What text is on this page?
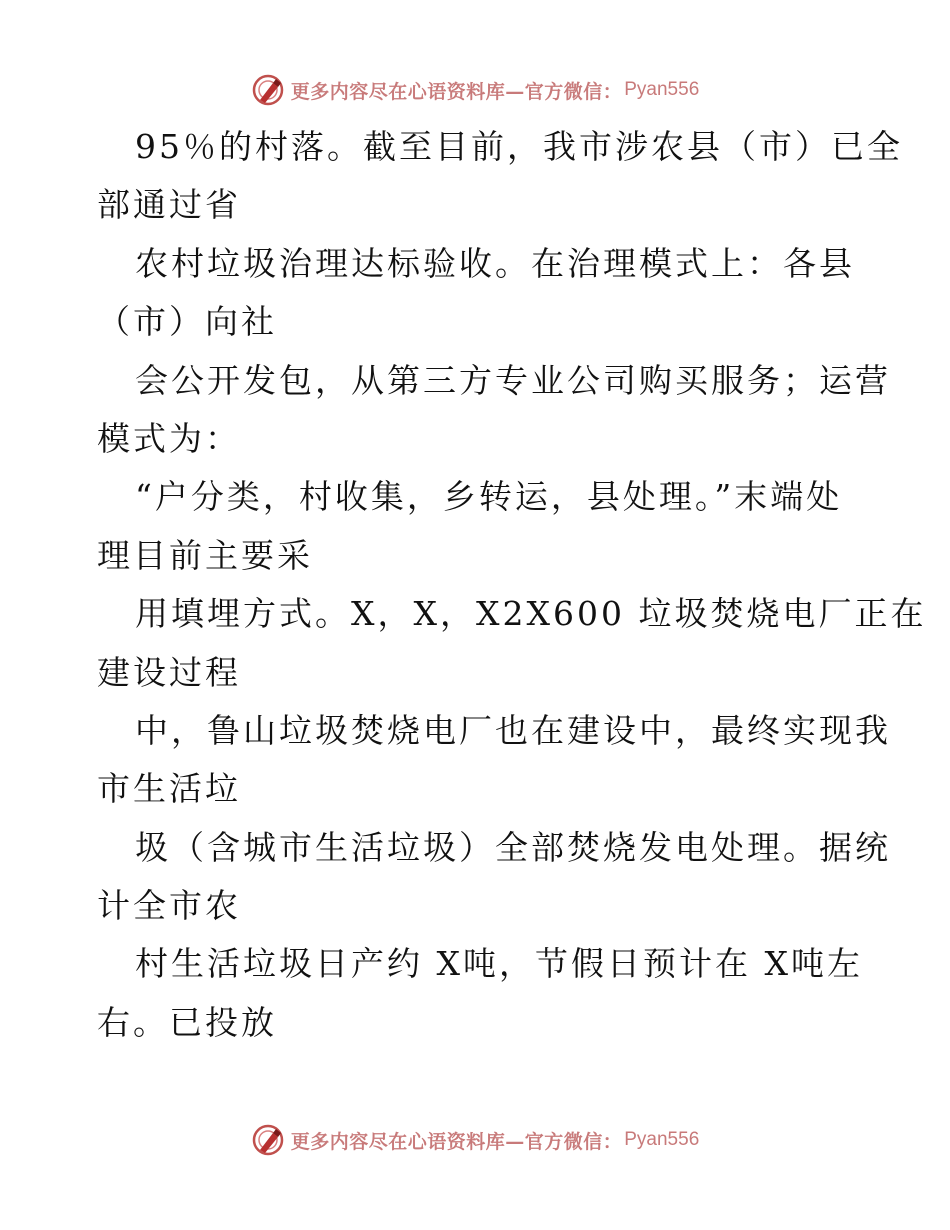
更多内容尽在心语资料库—官方微信： Pyan556
95％的村落。截至目前，我市涉农县（市）已全
部通过省
农村垃圾治理达标验收。在治理模式上：各县
（市）向社
会公开发包，从第三方专业公司购买服务；运营
模式为：
“户分类，村收集，乡转运，县处理。”末端处
理目前主要采
用填埋方式。X，X，X2X600 垃圾焚烧电厂正在
建设过程
中，鲁山垃圾焚烧电厂也在建设中，最终实现我
市生活垃
圾（含城市生活垃圾）全部焚烧发电处理。据统
计全市农
村生活垃圾日产约 X吨，节假日预计在 X吨左
右。已投放
更多内容尽在心语资料库—官方微信： Pyan556
